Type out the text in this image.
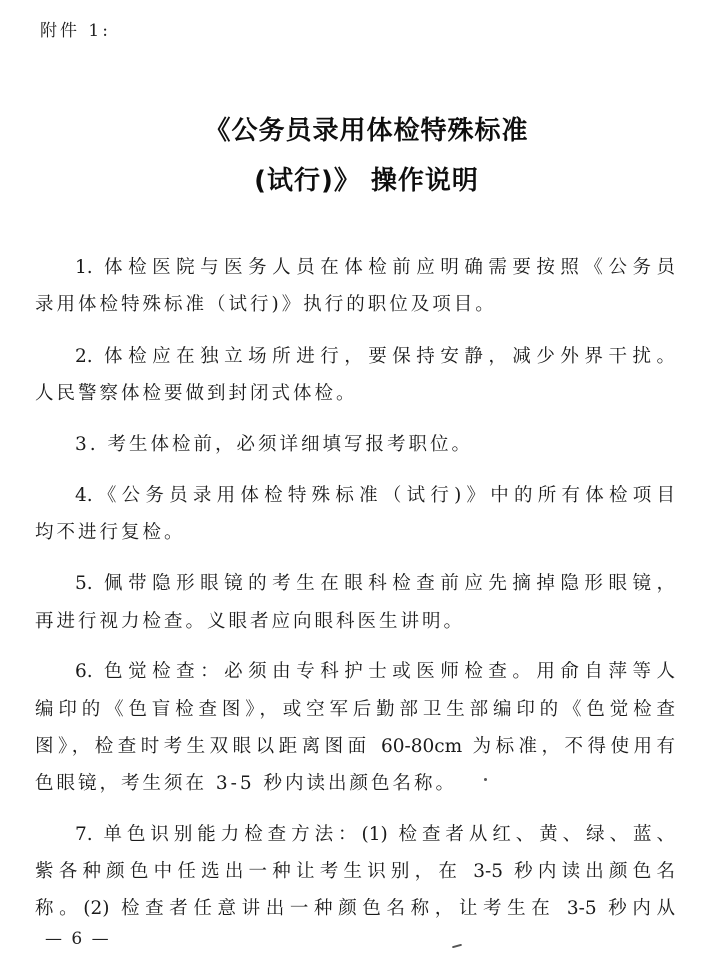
附件 1:
《公务员录用体检特殊标准
(试行)》 操作说明
1. 体检医院与医务人员在体检前应明确需要按照《公务员
录用体检特殊标准（试行)》执行的职位及项目。
2. 体检应在独立场所进行，要保持安静，减少外界干扰。
人民警察体检要做到封闭式体检。
3. 考生体检前，必须详细填写报考职位。
4.《公务员录用体检特殊标准（试行)》中的所有体检项目
均不进行复检。
5. 佩带隐形眼镜的考生在眼科检查前应先摘掉隐形眼镜，
再进行视力检查。义眼者应向眼科医生讲明。
6. 色觉检查：必须由专科护士或医师检查。用俞自萍等人
编印的《色盲检查图》，或空军后勤部卫生部编印的《色觉检查
图》，检查时考生双眼以距离图面 60-80cm 为标准，不得使用有
色眼镜，考生须在 3-5 秒内读出颜色名称。
7. 单色识别能力检查方法：(1) 检查者从红、黄、绿、蓝、
紫各种颜色中任选出一种让考生识别，在 3-5 秒内读出颜色名
称。(2) 检查者任意讲出一种颜色名称，让考生在 3-5 秒内从
— 6 —
